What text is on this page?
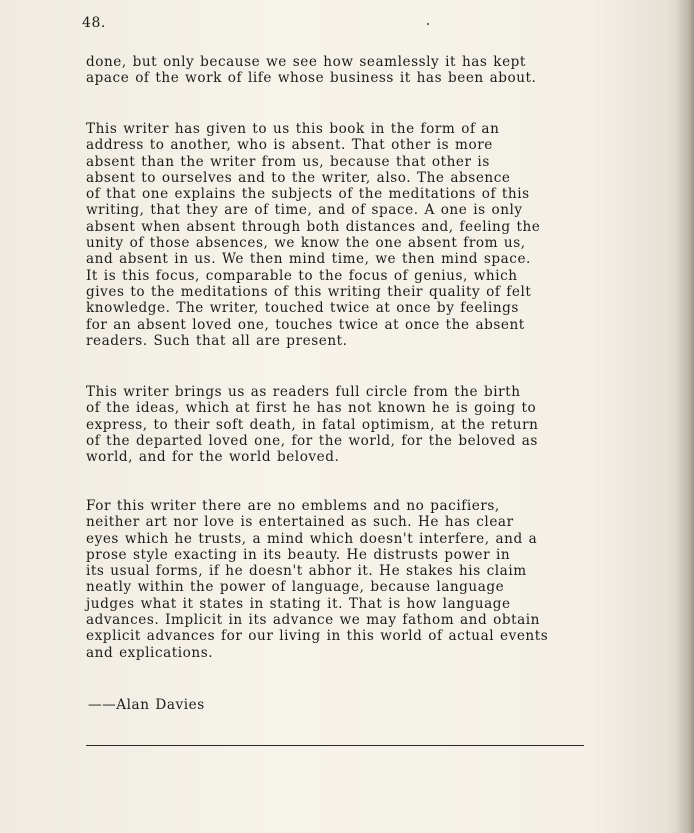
48.

done, but only because we see how seamlessly it has kept
apace of the work of life whose business it has been about.

This writer has given to us this book in the form of an
address to another, who is absent. That other is more
absent than the writer from us, because that other is
absent to ourselves and to the writer, also. The absence
of that one explains the subjects of the meditations of this
writing, that they are of time, and of space. A one is only
absent when absent through both distances and, feeling the
unity of those absences, we know the one absent from us,
and absent in us. We then mind time, we then mind space.
It is this focus, comparable to the focus of genius, which
gives to the meditations of this writing their quality of felt
knowledge. The writer, touched twice at once by feelings
for an absent loved one, touches twice at once the absent
readers. Such that all are present.

This writer brings us as readers full circle from the birth
of the ideas, which at first he has not known he is going to
express, to their soft death, in fatal optimism, at the return
of the departed loved one, for the world, for the beloved as
world, and for the world beloved.

For this writer there are no emblems and no pacifiers,
neither art nor love is entertained as such. He has clear
eyes which he trusts, a mind which doesn't interfere, and a
prose style exacting in its beauty. He distrusts power in
its usual forms, if he doesn't abhor it. He stakes his claim
neatly within the power of language, because language
judges what it states in stating it. That is how language
advances. Implicit in its advance we may fathom and obtain
explicit advances for our living in this world of actual events
and explications.

——Alan Davies
